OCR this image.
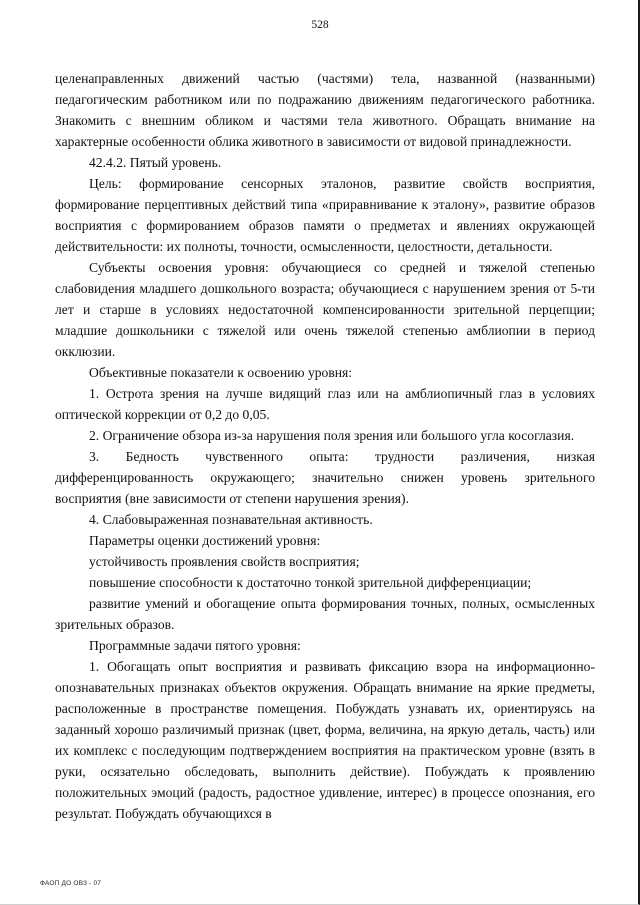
528

целенаправленных движений частью (частями) тела, названной (названными) педагогическим работником или по подражанию движениям педагогического работника. Знакомить с внешним обликом и частями тела животного. Обращать внимание на характерные особенности облика животного в зависимости от видовой принадлежности.

42.4.2. Пятый уровень.

Цель: формирование сенсорных эталонов, развитие свойств восприятия, формирование перцептивных действий типа «приравнивание к эталону», развитие образов восприятия с формированием образов памяти о предметах и явлениях окружающей действительности: их полноты, точности, осмысленности, целостности, детальности.

Субъекты освоения уровня: обучающиеся со средней и тяжелой степенью слабовидения младшего дошкольного возраста; обучающиеся с нарушением зрения от 5-ти лет и старше в условиях недостаточной компенсированности зрительной перцепции; младшие дошкольники с тяжелой или очень тяжелой степенью амблиопии в период окклюзии.

Объективные показатели к освоению уровня:

1. Острота зрения на лучше видящий глаз или на амблиопичный глаз в условиях оптической коррекции от 0,2 до 0,05.

2. Ограничение обзора из-за нарушения поля зрения или большого угла косоглазия.

3. Бедность чувственного опыта: трудности различения, низкая дифференцированность окружающего; значительно снижен уровень зрительного восприятия (вне зависимости от степени нарушения зрения).

4. Слабовыраженная познавательная активность.

Параметры оценки достижений уровня:

устойчивость проявления свойств восприятия;

повышение способности к достаточно тонкой зрительной дифференциации;

развитие умений и обогащение опыта формирования точных, полных, осмысленных зрительных образов.

Программные задачи пятого уровня:

1. Обогащать опыт восприятия и развивать фиксацию взора на информационно-опознавательных признаках объектов окружения. Обращать внимание на яркие предметы, расположенные в пространстве помещения. Побуждать узнавать их, ориентируясь на заданный хорошо различимый признак (цвет, форма, величина, на яркую деталь, часть) или их комплекс с последующим подтверждением восприятия на практическом уровне (взять в руки, осязательно обследовать, выполнить действие). Побуждать к проявлению положительных эмоций (радость, радостное удивление, интерес) в процессе опознания, его результат. Побуждать обучающихся в

ФАОП ДО ОВЗ - 07
